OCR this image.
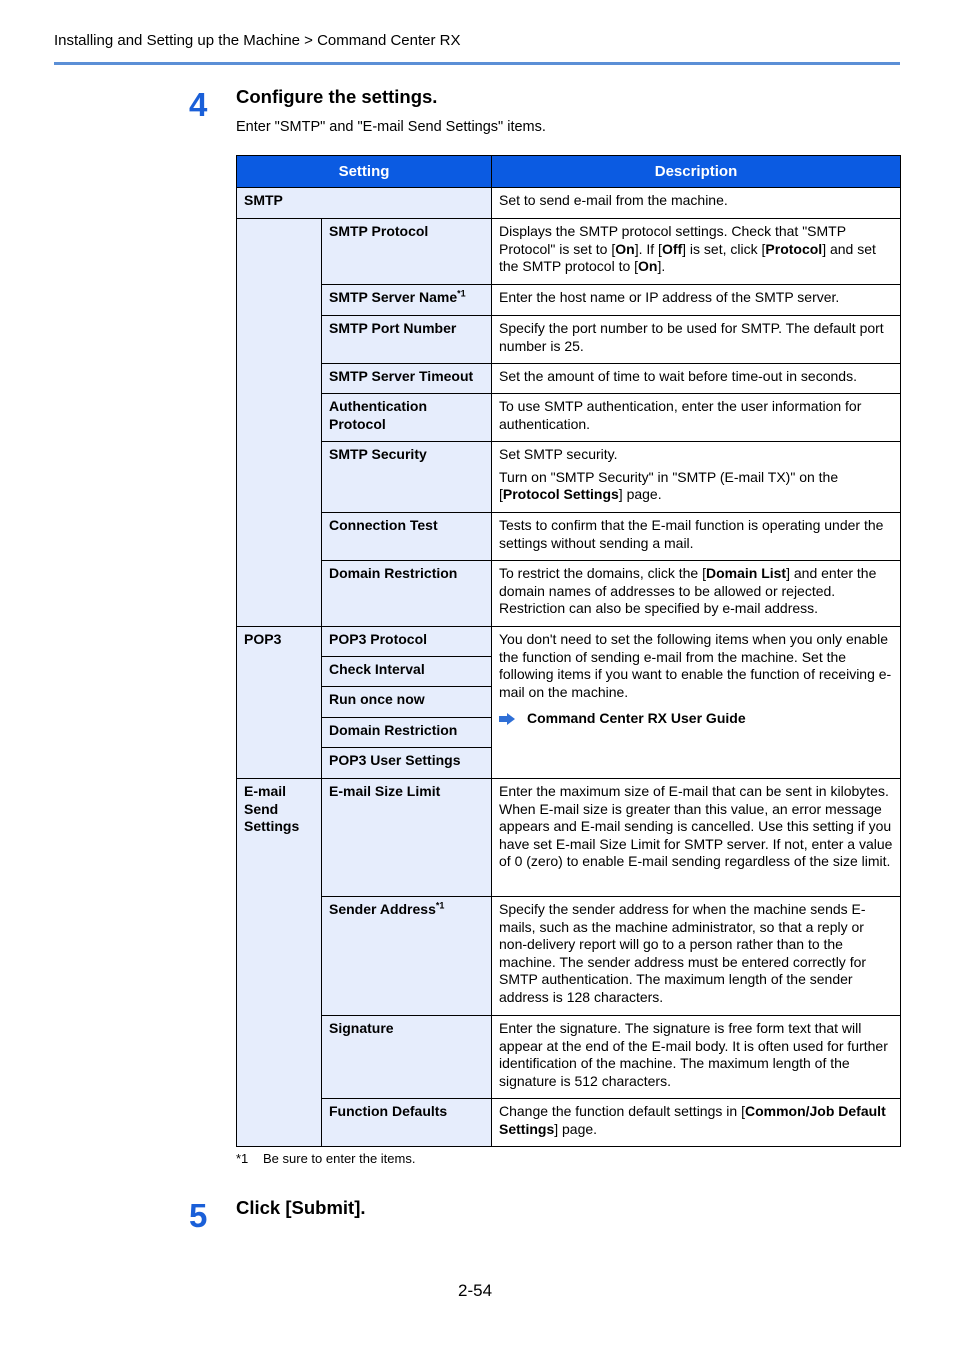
Installing and Setting up the Machine > Command Center RX
4 Configure the settings.
Enter "SMTP" and "E-mail Send Settings" items.
Setting		Description
SMTP		Set to send e-mail from the machine.
	SMTP Protocol	Displays the SMTP protocol settings. Check that "SMTP Protocol" is set to [On]. If [Off] is set, click [Protocol] and set the SMTP protocol to [On].
	SMTP Server Name$^{*1}$	Enter the host name or IP address of the SMTP server.
	SMTP Port Number	Specify the port number to be used for SMTP. The default port number is 25.
	SMTP Server Timeout	Set the amount of time to wait before time-out in seconds.
	Authentication Protocol	To use SMTP authentication, enter the user information for authentication.
	SMTP Security	Set SMTP security.

Turn on "SMTP Security" in "SMTP (E-mail TX)" on the [Protocol Settings] page.

	Connection Test	Tests to confirm that the E-mail function is operating under the settings without sending a mail.
	Domain Restriction	To restrict the domains, click the [Domain List] and enter the domain names of addresses to be allowed or rejected. Restriction can also be specified by e-mail address.
POP3	POP3 Protocol	You don't need to set the following items when you only enable the function of sending e-mail from the machine. Set the following items if you want to enable the function of receiving e-mail on the machine.

Command Center RX User Guide

	Check Interval	
	Run once now	
	Domain Restriction	
	POP3 User Settings	
E-mail Send Settings	E-mail Size Limit	Enter the maximum size of E-mail that can be sent in kilobytes. When E-mail size is greater than this value, an error message appears and E-mail sending is cancelled. Use this setting if you have set E-mail Size Limit for SMTP server. If not, enter a value of 0 (zero) to enable E-mail sending regardless of the size limit.
	Sender Address$^{*1}$	Specify the sender address for when the machine sends E-mails, such as the machine administrator, so that a reply or non-delivery report will go to a person rather than to the machine. The sender address must be entered correctly for SMTP authentication. The maximum length of the sender address is 128 characters.
	Signature	Enter the signature. The signature is free form text that will appear at the end of the E-mail body. It is often used for further identification of the machine. The maximum length of the signature is 512 characters.
	Function Defaults	Change the function default settings in [Common/Job Default Settings] page.
*1 Be sure to enter the items.
5 Click [Submit].
2-54
